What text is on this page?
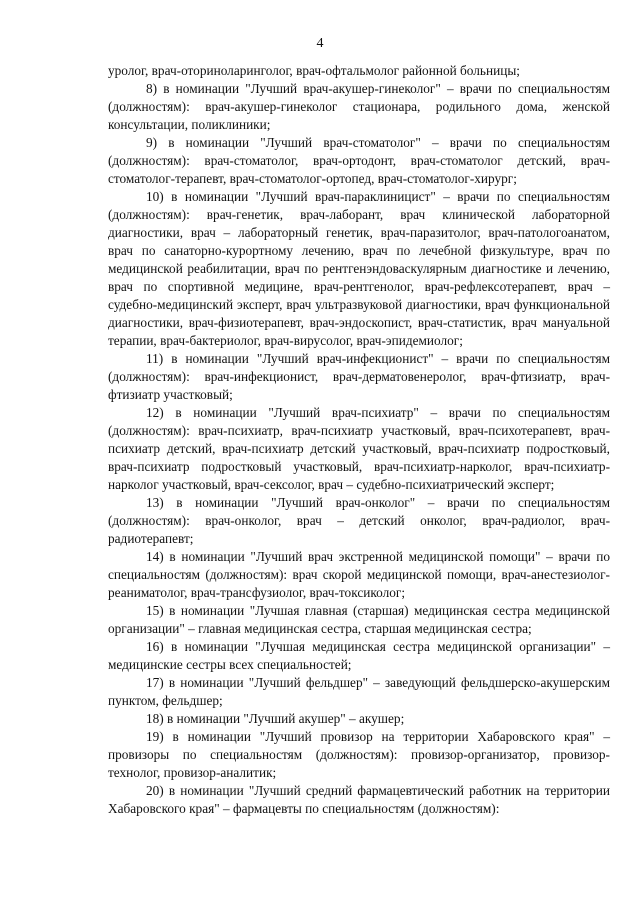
4

уролог, врач-оториноларинголог, врач-офтальмолог районной больницы;

8) в номинации "Лучший врач-акушер-гинеколог" – врачи по специальностям (должностям): врач-акушер-гинеколог стационара, родильного дома, женской консультации, поликлиники;

9) в номинации "Лучший врач-стоматолог" – врачи по специальностям (должностям): врач-стоматолог, врач-ортодонт, врач-стоматолог детский, врач-стоматолог-терапевт, врач-стоматолог-ортопед, врач-стоматолог-хирург;

10) в номинации "Лучший врач-параклиницист" – врачи по специальностям (должностям): врач-генетик, врач-лаборант, врач клинической лабораторной диагностики, врач – лабораторный генетик, врач-паразитолог, врач-патологоанатом, врач по санаторно-курортному лечению, врач по лечебной физкультуре, врач по медицинской реабилитации, врач по рентгенэндоваскулярным диагностике и лечению, врач по спортивной медицине, врач-рентгенолог, врач-рефлексотерапевт, врач – судебно-медицинский эксперт, врач ультразвуковой диагностики, врач функциональной диагностики, врач-физиотерапевт, врач-эндоскопист, врач-статистик, врач мануальной терапии, врач-бактериолог, врач-вирусолог, врач-эпидемиолог;

11) в номинации "Лучший врач-инфекционист" – врачи по специальностям (должностям): врач-инфекционист, врач-дерматовенеролог, врач-фтизиатр, врач-фтизиатр участковый;

12) в номинации "Лучший врач-психиатр" – врачи по специальностям (должностям): врач-психиатр, врач-психиатр участковый, врач-психотерапевт, врач-психиатр детский, врач-психиатр детский участковый, врач-психиатр подростковый, врач-психиатр подростковый участковый, врач-психиатр-нарколог, врач-психиатр-нарколог участковый, врач-сексолог, врач – судебно-психиатрический эксперт;

13) в номинации "Лучший врач-онколог" – врачи по специальностям (должностям): врач-онколог, врач – детский онколог, врач-радиолог, врач-радиотерапевт;

14) в номинации "Лучший врач экстренной медицинской помощи" – врачи по специальностям (должностям): врач скорой медицинской помощи, врач-анестезиолог-реаниматолог, врач-трансфузиолог, врач-токсиколог;

15) в номинации "Лучшая главная (старшая) медицинская сестра медицинской организации" – главная медицинская сестра, старшая медицинская сестра;

16) в номинации "Лучшая медицинская сестра медицинской организации" – медицинские сестры всех специальностей;

17) в номинации "Лучший фельдшер" – заведующий фельдшерско-акушерским пунктом, фельдшер;

18) в номинации "Лучший акушер" – акушер;

19) в номинации "Лучший провизор на территории Хабаровского края" – провизоры по специальностям (должностям): провизор-организатор, провизор-технолог, провизор-аналитик;

20) в номинации "Лучший средний фармацевтический работник на территории Хабаровского края" – фармацевты по специальностям (должностям):
